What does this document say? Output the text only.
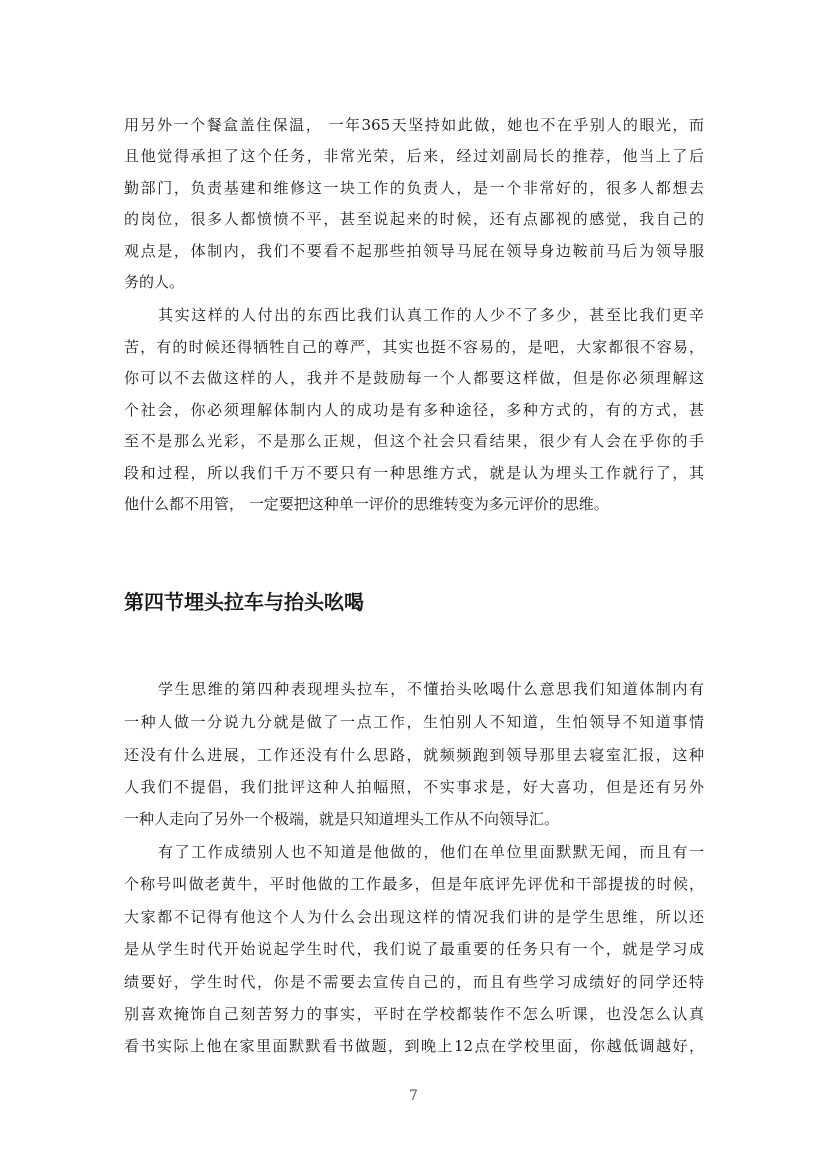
用另外一个餐盒盖住保温， 一年365天坚持如此做，她也不在乎别人的眼光，而
且他觉得承担了这个任务，非常光荣，后来，经过刘副局长的推荐，他当上了后
勤部门，负责基建和维修这一块工作的负责人，是一个非常好的，很多人都想去
的岗位，很多人都愤愤不平，甚至说起来的时候，还有点鄙视的感觉，我自己的
观点是，体制内，我们不要看不起那些拍领导马屁在领导身边鞍前马后为领导服
务的人。
其实这样的人付出的东西比我们认真工作的人少不了多少，甚至比我们更辛
苦，有的时候还得牺牲自己的尊严，其实也挺不容易的，是吧，大家都很不容易，
你可以不去做这样的人，我并不是鼓励每一个人都要这样做，但是你必须理解这
个社会，你必须理解体制内人的成功是有多种途径，多种方式的，有的方式，甚
至不是那么光彩，不是那么正规，但这个社会只看结果，很少有人会在乎你的手
段和过程，所以我们千万不要只有一种思维方式，就是认为埋头工作就行了，其
他什么都不用管， 一定要把这种单一评价的思维转变为多元评价的思维。
第四节埋头拉车与抬头吆喝
学生思维的第四种表现埋头拉车，不懂抬头吆喝什么意思我们知道体制内有
一种人做一分说九分就是做了一点工作，生怕别人不知道，生怕领导不知道事情
还没有什么进展，工作还没有什么思路，就频频跑到领导那里去寝室汇报，这种
人我们不提倡，我们批评这种人拍幅照，不实事求是，好大喜功，但是还有另外
一种人走向了另外一个极端，就是只知道埋头工作从不向领导汇。
有了工作成绩别人也不知道是他做的，他们在单位里面默默无闻，而且有一
个称号叫做老黄牛，平时他做的工作最多，但是年底评先评优和干部提拔的时候，
大家都不记得有他这个人为什么会出现这样的情况我们讲的是学生思维，所以还
是从学生时代开始说起学生时代，我们说了最重要的任务只有一个，就是学习成
绩要好，学生时代，你是不需要去宣传自己的，而且有些学习成绩好的同学还特
别喜欢掩饰自己刻苦努力的事实，平时在学校都装作不怎么听课，也没怎么认真
看书实际上他在家里面默默看书做题，到晚上12点在学校里面，你越低调越好，
7
